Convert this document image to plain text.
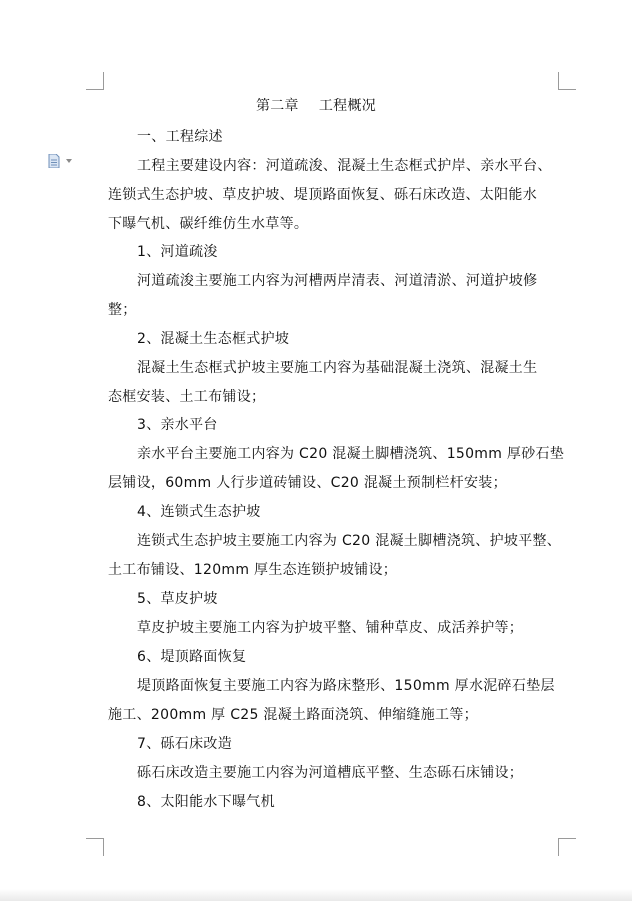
第二章 工程概况
一、工程综述
工程主要建设内容：河道疏浚、混凝土生态框式护岸、亲水平台、
连锁式生态护坡、草皮护坡、堤顶路面恢复、砾石床改造、太阳能水
下曝气机、碳纤维仿生水草等。
1、河道疏浚
河道疏浚主要施工内容为河槽两岸清表、河道清淤、河道护坡修
整；
2、混凝土生态框式护坡
混凝土生态框式护坡主要施工内容为基础混凝土浇筑、混凝土生
态框安装、土工布铺设；
3、亲水平台
亲水平台主要施工内容为 C20 混凝土脚槽浇筑、150mm 厚砂石垫
层铺设，60mm 人行步道砖铺设、C20 混凝土预制栏杆安装；
4、连锁式生态护坡
连锁式生态护坡主要施工内容为 C20 混凝土脚槽浇筑、护坡平整、
土工布铺设、120mm 厚生态连锁护坡铺设；
5、草皮护坡
草皮护坡主要施工内容为护坡平整、铺种草皮、成活养护等；
6、堤顶路面恢复
堤顶路面恢复主要施工内容为路床整形、150mm 厚水泥碎石垫层
施工、200mm 厚 C25 混凝土路面浇筑、伸缩缝施工等；
7、砾石床改造
砾石床改造主要施工内容为河道槽底平整、生态砾石床铺设；
8、太阳能水下曝气机
